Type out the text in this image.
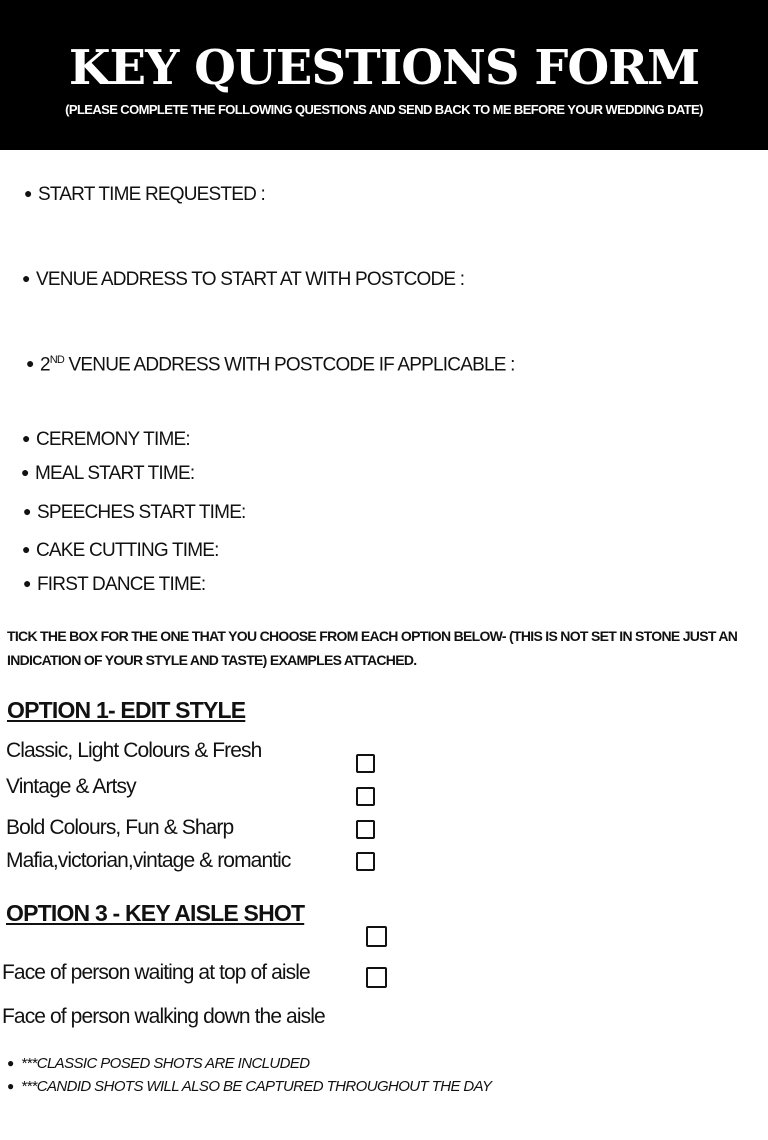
KEY QUESTIONS FORM
(PLEASE COMPLETE THE FOLLOWING QUESTIONS AND SEND BACK TO ME BEFORE YOUR WEDDING DATE)
● START TIME REQUESTED :
● VENUE ADDRESS TO START AT WITH POSTCODE :
● 2ND VENUE ADDRESS WITH POSTCODE IF APPLICABLE :
● CEREMONY TIME:
● MEAL START TIME:
● SPEECHES START TIME:
● CAKE CUTTING TIME:
● FIRST DANCE TIME:
TICK THE BOX FOR THE ONE THAT YOU CHOOSE FROM EACH OPTION BELOW- (THIS IS NOT SET IN STONE JUST AN INDICATION OF YOUR STYLE AND TASTE) EXAMPLES ATTACHED.
OPTION 1- EDIT STYLE
Classic, Light Colours & Fresh
Vintage & Artsy
Bold Colours, Fun & Sharp
Mafia,victorian,vintage & romantic
OPTION 3 - KEY AISLE SHOT
Face of person waiting at top of aisle
Face of person walking down the aisle
● ***CLASSIC POSED SHOTS ARE INCLUDED
● ***CANDID SHOTS WILL ALSO BE CAPTURED THROUGHOUT THE DAY
